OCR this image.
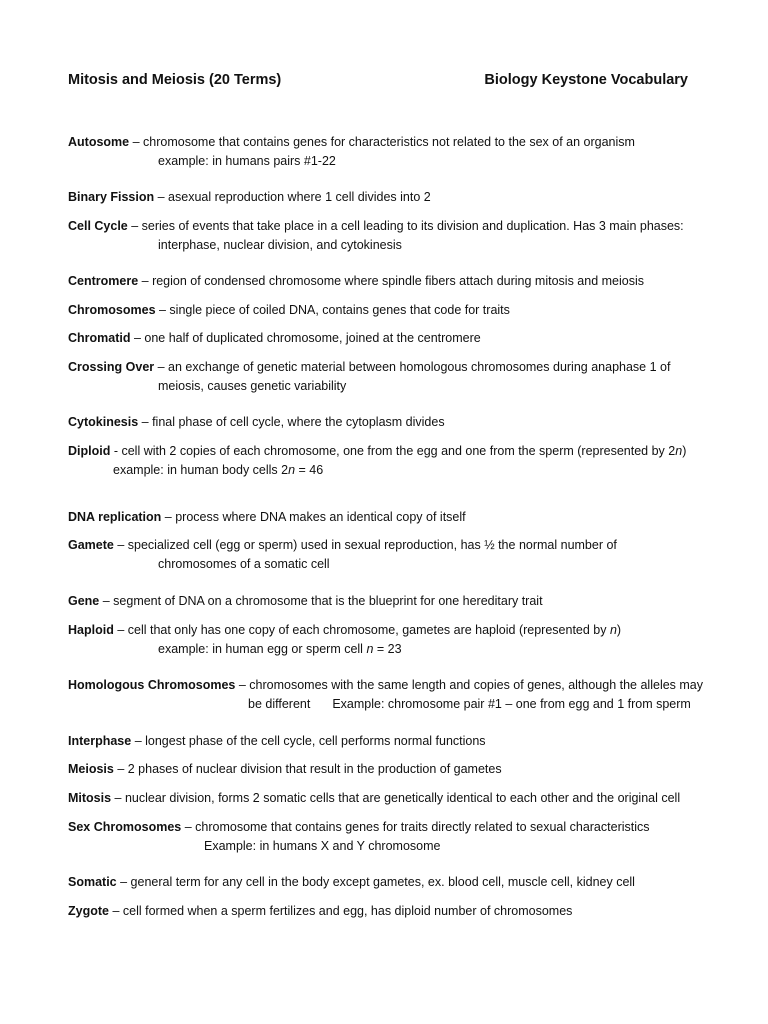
Mitosis and Meiosis (20 Terms)	Biology Keystone Vocabulary
Autosome – chromosome that contains genes for characteristics not related to the sex of an organism
example: in humans pairs #1-22
Binary Fission – asexual reproduction where 1 cell divides into 2
Cell Cycle – series of events that take place in a cell leading to its division and duplication. Has 3 main phases:
interphase, nuclear division, and cytokinesis
Centromere – region of condensed chromosome where spindle fibers attach during mitosis and meiosis
Chromosomes – single piece of coiled DNA, contains genes that code for traits
Chromatid – one half of duplicated chromosome, joined at the centromere
Crossing Over – an exchange of genetic material between homologous chromosomes during anaphase 1 of
meiosis, causes genetic variability
Cytokinesis – final phase of cell cycle, where the cytoplasm divides
Diploid - cell with 2 copies of each chromosome, one from the egg and one from the sperm (represented by 2n)
example: in human body cells 2n = 46
DNA replication – process where DNA makes an identical copy of itself
Gamete – specialized cell (egg or sperm) used in sexual reproduction, has ½ the normal number of
chromosomes of a somatic cell
Gene – segment of DNA on a chromosome that is the blueprint for one hereditary trait
Haploid – cell that only has one copy of each chromosome, gametes are haploid (represented by n)
example: in human egg or sperm cell n = 23
Homologous Chromosomes – chromosomes with the same length and copies of genes, although the alleles may
be different Example: chromosome pair #1 – one from egg and 1 from sperm
Interphase – longest phase of the cell cycle, cell performs normal functions
Meiosis – 2 phases of nuclear division that result in the production of gametes
Mitosis – nuclear division, forms 2 somatic cells that are genetically identical to each other and the original cell
Sex Chromosomes – chromosome that contains genes for traits directly related to sexual characteristics
Example: in humans X and Y chromosome
Somatic – general term for any cell in the body except gametes, ex. blood cell, muscle cell, kidney cell
Zygote – cell formed when a sperm fertilizes and egg, has diploid number of chromosomes
